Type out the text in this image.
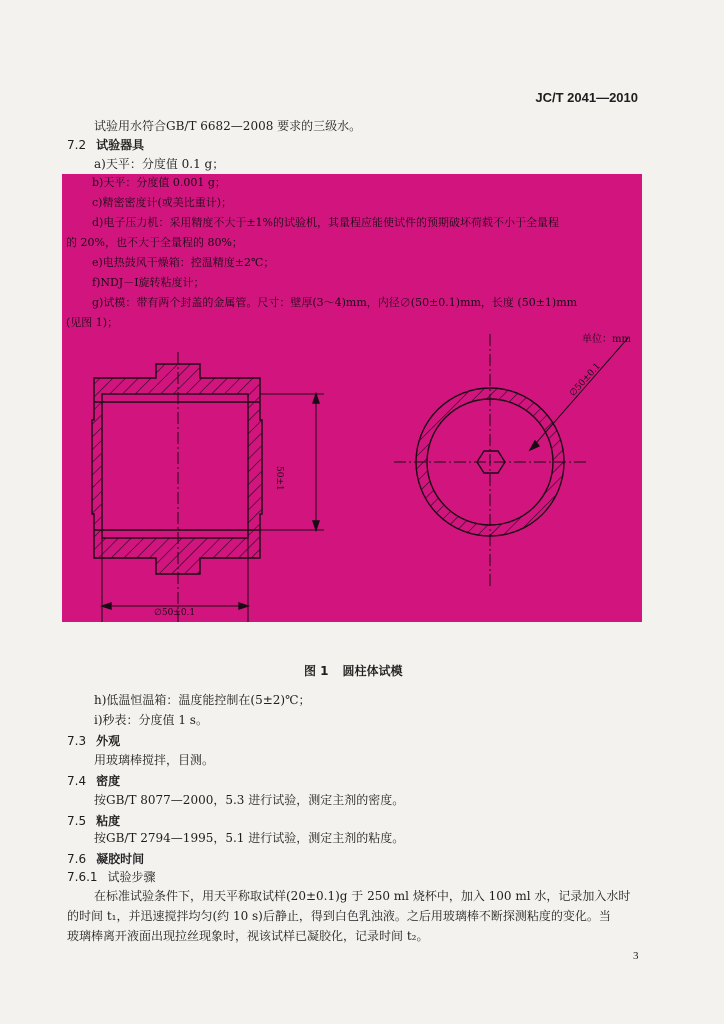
JC/T 2041—2010
试验用水符合GB/T 6682—2008 要求的三级水。
7.2 试验器具
a)天平：分度值 0.1 g；
b)天平：分度值 0.001 g；
c)精密密度计(或美比重计)；
d)电子压力机：采用精度不大于±1%的试验机，其量程应能使试件的预期破坏荷载不小于全量程
的 20%，也不大于全量程的 80%；
e)电热鼓风干燥箱：控温精度±2℃；
f)NDJ－Ⅰ旋转粘度计；
g)试模：带有两个封盖的金属管。尺寸：壁厚(3～4)mm，内径∅(50±0.1)mm，长度 (50±1)mm
(见图 1)；
单位：mm
50±1
∅50±0.1
∅50±0.1
图 1 圆柱体试模
h)低温恒温箱：温度能控制在(5±2)℃；
i)秒表：分度值 1 s。
7.3 外观
用玻璃棒搅拌，目测。
7.4 密度
按GB/T 8077—2000，5.3 进行试验，测定主剂的密度。
7.5 粘度
按GB/T 2794—1995，5.1 进行试验，测定主剂的粘度。
7.6 凝胶时间
7.6.1 试验步骤
在标准试验条件下，用天平称取试样(20±0.1)g 于 250 ml 烧杯中，加入 100 ml 水，记录加入水时
的时间 t₁，并迅速搅拌均匀(约 10 s)后静止，得到白色乳浊液。之后用玻璃棒不断探测粘度的变化。当
玻璃棒离开液面出现拉丝现象时，视该试样已凝胶化，记录时间 t₂。
3
